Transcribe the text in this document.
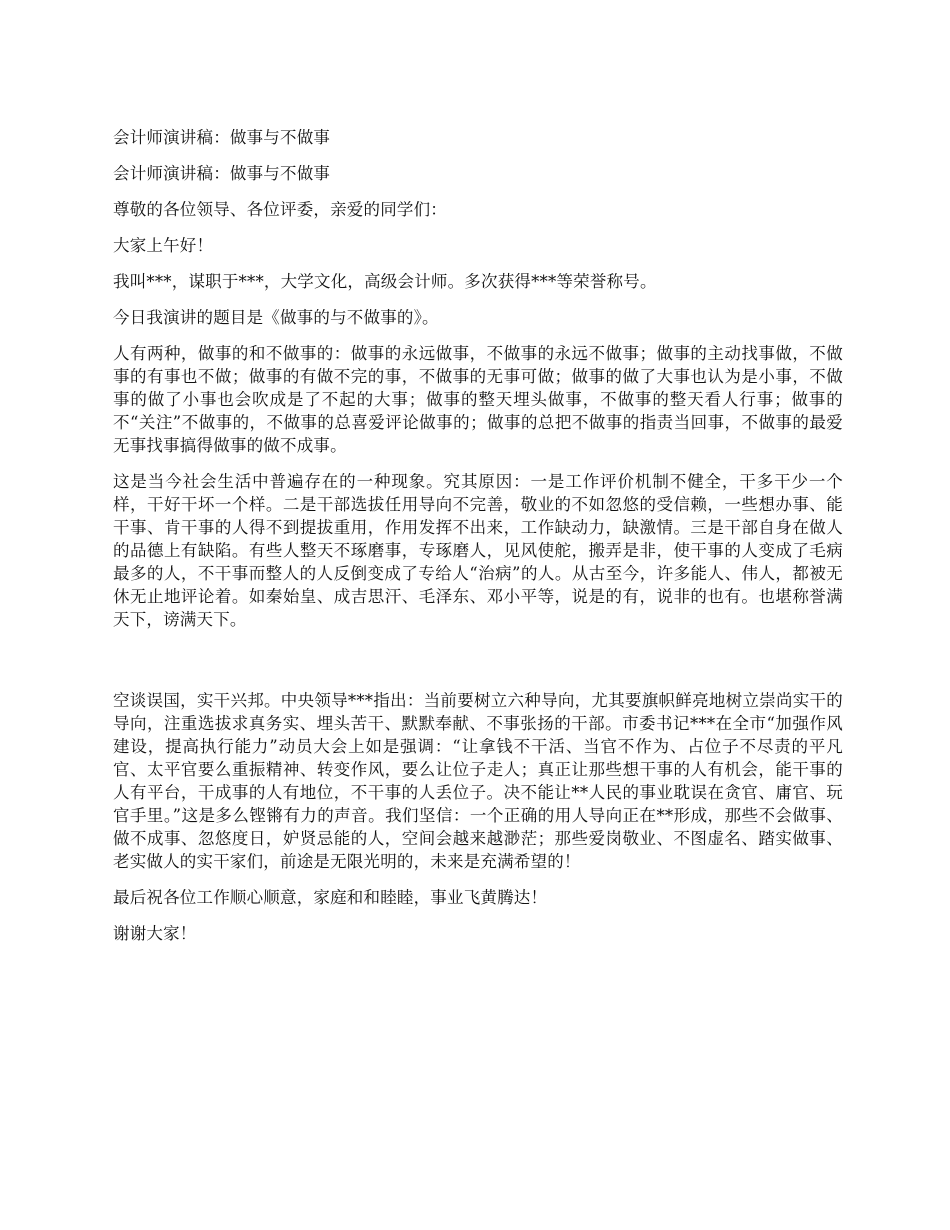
会计师演讲稿：做事与不做事

会计师演讲稿：做事与不做事

尊敬的各位领导、各位评委，亲爱的同学们：

大家上午好！

我叫***，谋职于***，大学文化，高级会计师。多次获得***等荣誉称号。

今日我演讲的题目是《做事的与不做事的》。

人有两种，做事的和不做事的：做事的永远做事，不做事的永远不做事；做事的主动找事做，不做事的有事也不做；做事的有做不完的事，不做事的无事可做；做事的做了大事也认为是小事，不做事的做了小事也会吹成是了不起的大事；做事的整天埋头做事，不做事的整天看人行事；做事的不“关注”不做事的，不做事的总喜爱评论做事的；做事的总把不做事的指责当回事，不做事的最爱无事找事搞得做事的做不成事。

这是当今社会生活中普遍存在的一种现象。究其原因：一是工作评价机制不健全，干多干少一个样，干好干坏一个样。二是干部选拔任用导向不完善，敬业的不如忽悠的受信赖，一些想办事、能干事、肯干事的人得不到提拔重用，作用发挥不出来，工作缺动力，缺激情。三是干部自身在做人的品德上有缺陷。有些人整天不琢磨事，专琢磨人，见风使舵，搬弄是非，使干事的人变成了毛病最多的人，不干事而整人的人反倒变成了专给人“治病”的人。从古至今，许多能人、伟人，都被无休无止地评论着。如秦始皇、成吉思汗、毛泽东、邓小平等，说是的有，说非的也有。也堪称誉满天下，谤满天下。

空谈误国，实干兴邦。中央领导***指出：当前要树立六种导向，尤其要旗帜鲜亮地树立崇尚实干的导向，注重选拔求真务实、埋头苦干、默默奉献、不事张扬的干部。市委书记***在全市“加强作风建设，提高执行能力”动员大会上如是强调：“让拿钱不干活、当官不作为、占位子不尽责的平凡官、太平官要么重振精神、转变作风，要么让位子走人；真正让那些想干事的人有机会，能干事的人有平台，干成事的人有地位，不干事的人丢位子。决不能让**人民的事业耽误在贪官、庸官、玩官手里。”这是多么铿锵有力的声音。我们坚信：一个正确的用人导向正在**形成，那些不会做事、做不成事、忽悠度日，妒贤忌能的人，空间会越来越渺茫；那些爱岗敬业、不图虚名、踏实做事、老实做人的实干家们，前途是无限光明的，未来是充满希望的！

最后祝各位工作顺心顺意，家庭和和睦睦，事业飞黄腾达！

谢谢大家！
